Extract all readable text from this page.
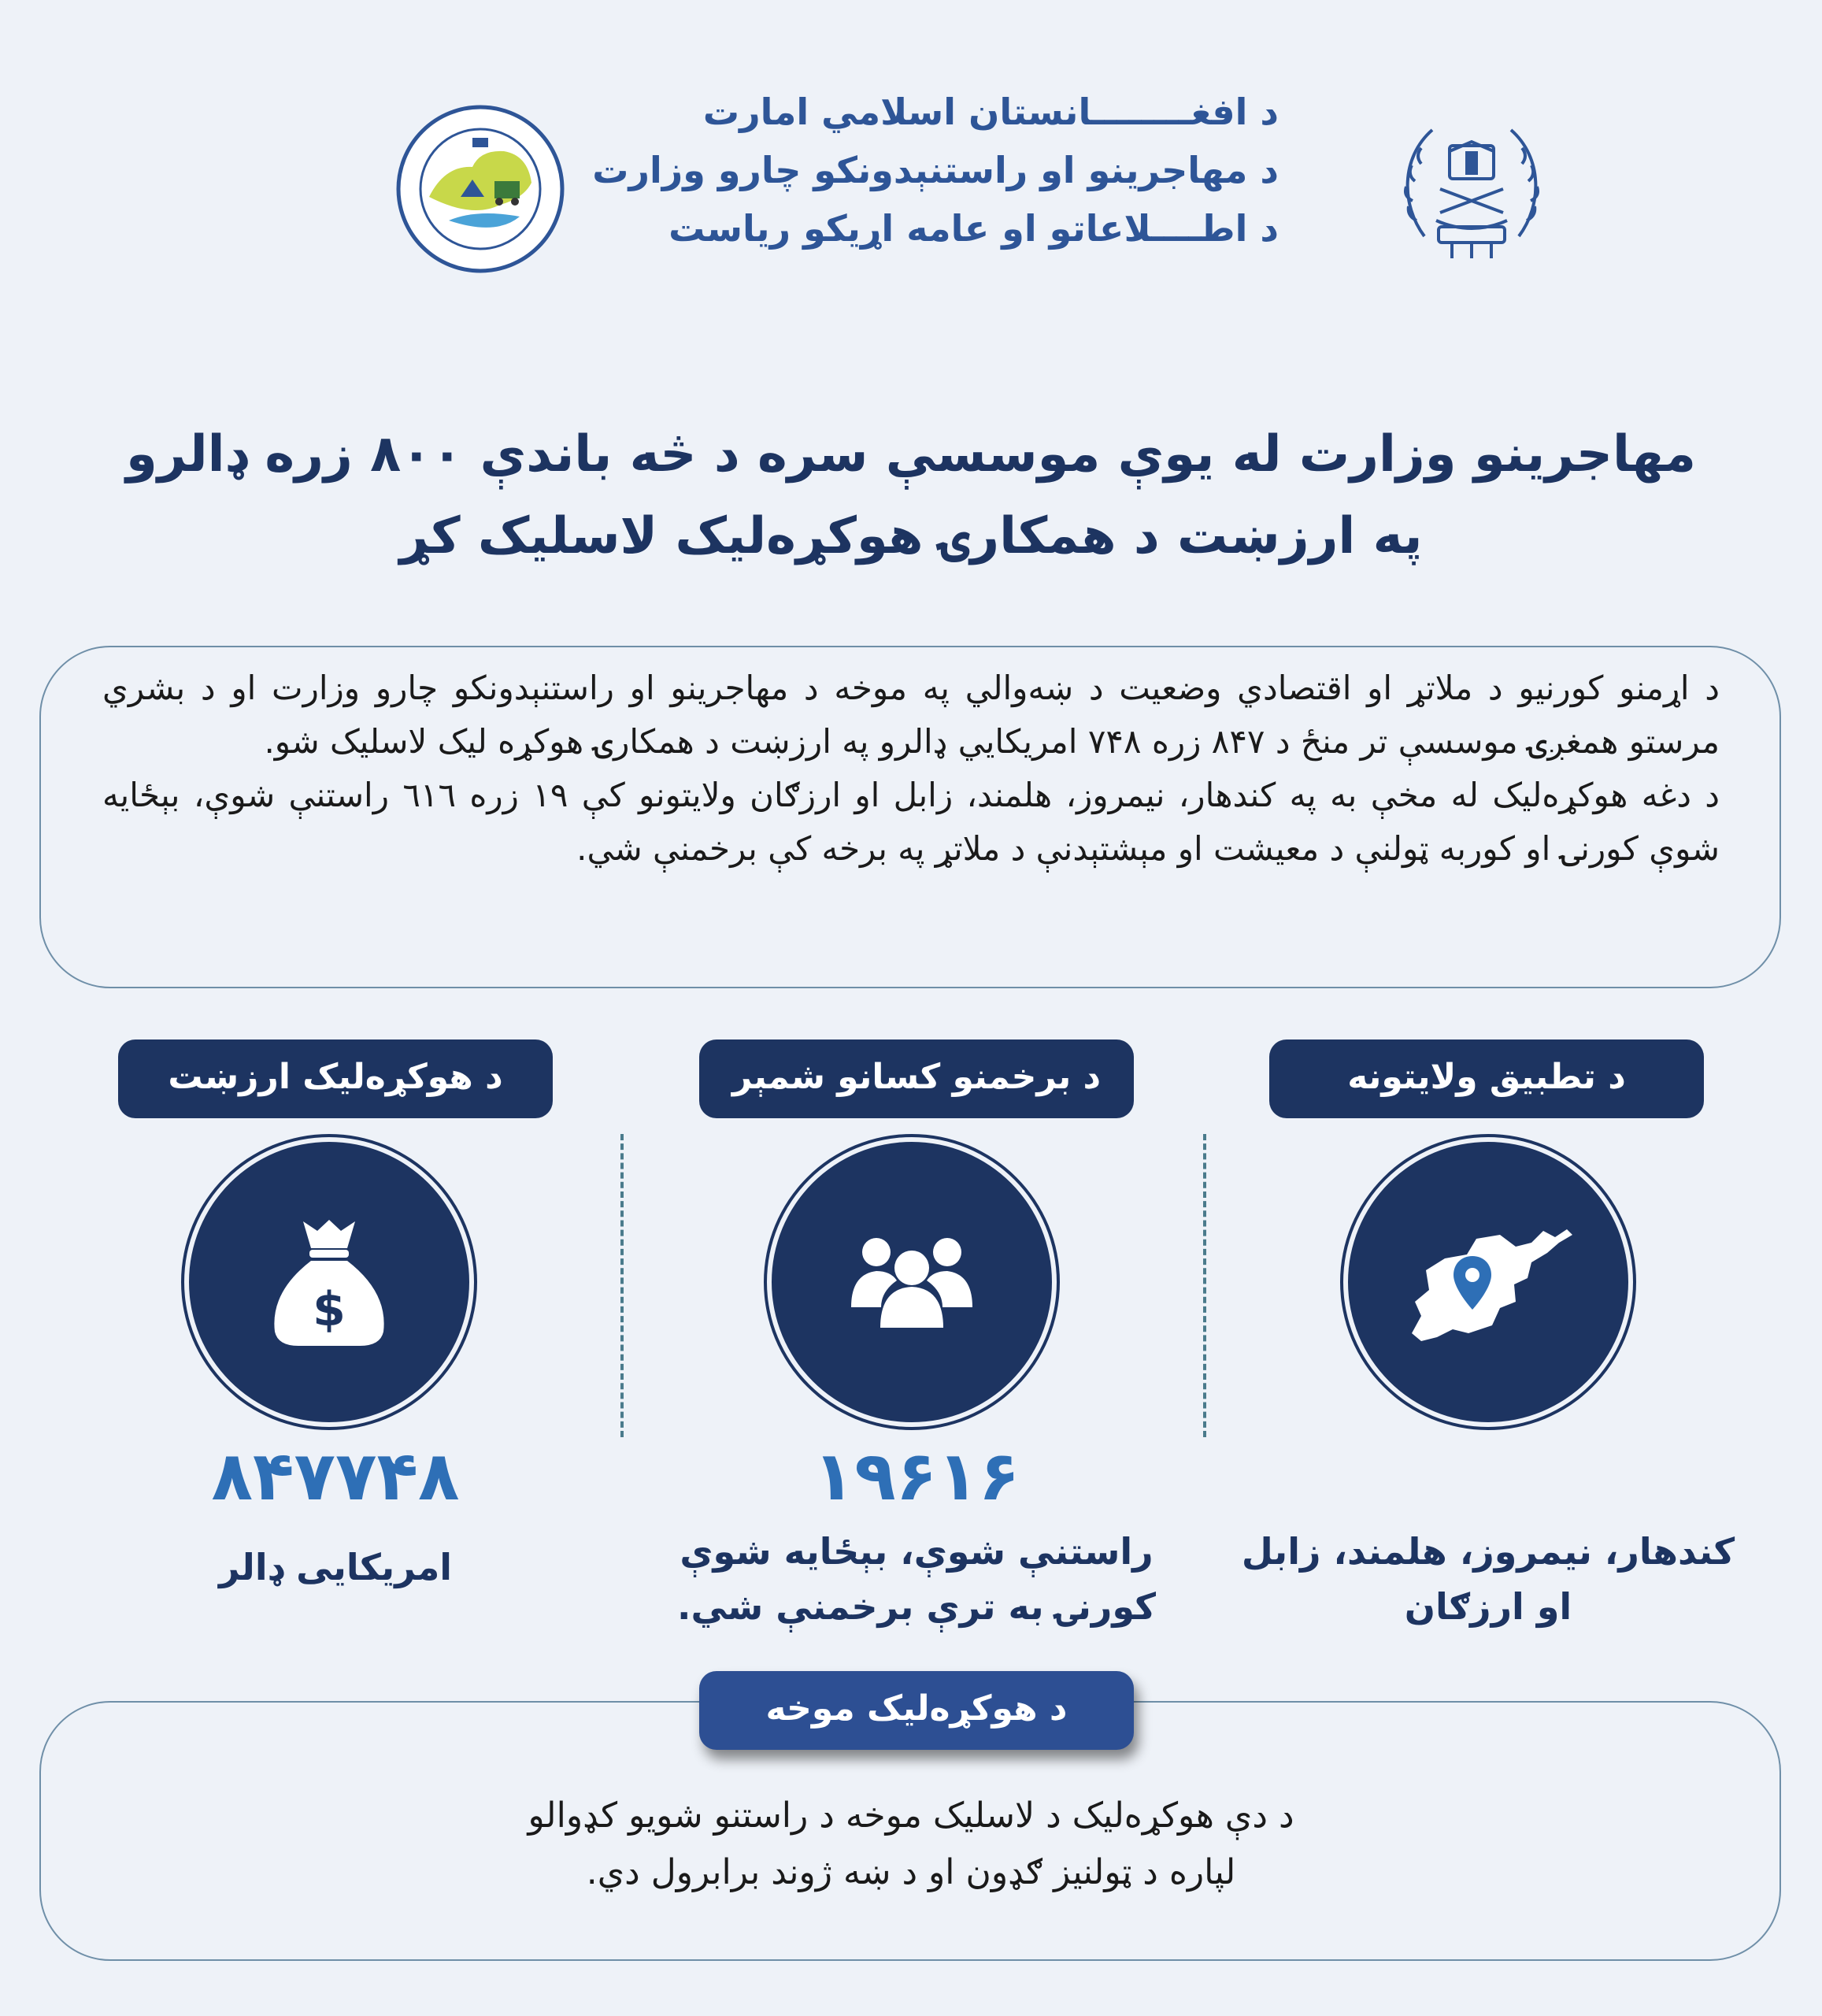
د افغــــــــانستان اسلامي امارت
د مهاجرينو او راستنېدونکو چارو وزارت
د اطــــلاعاتو او عامه اړيکو رياست
مهاجرينو وزارت له يوې موسسې سره د څه باندې ۸۰۰ زره ډالرو
په ارزښت د همکارۍ هوکړه‌ليک لاسليک کړ

د اړمنو کورنيو د ملاتړ او اقتصادي وضعيت د ښه‌والي په موخه د مهاجرينو او راستنېدونکو چارو وزارت او د بشري مرستو همغږۍ موسسې تر منځ د ۸۴۷ زره ۷۴۸ امريکايي ډالرو په ارزښت د همکارۍ هوکړه ليک لاسليک شو.

د دغه هوکړه‌ليک له مخې به په کندهار، نيمروز، هلمند، زابل او ارزګان ولايتونو کې ۱۹ زره ٦١٦ راستنې شوې، بېځايه شوې کورنۍ او کوربه ټولنې د معيشت او مېشتېدنې د ملاتړ په برخه کې برخمنې شي.

د تطبيق ولايتونه
د برخمنو کسانو شمېر
د هوکړه‌ليک ارزښت
$
۱۹۶۱۶
۸۴۷۷۴۸
کندهار، نيمروز، هلمند، زابل
او ارزګان
راستنې شوې، بېځايه شوې
کورنۍ به ترې برخمنې شي.
امريکايی ډالر
د هوکړه‌ليک موخه
د دې هوکړه‌ليک د لاسليک موخه د راستنو شويو کډوالو
لپاره د ټولنيز ګډون او د ښه ژوند برابرول دي.
